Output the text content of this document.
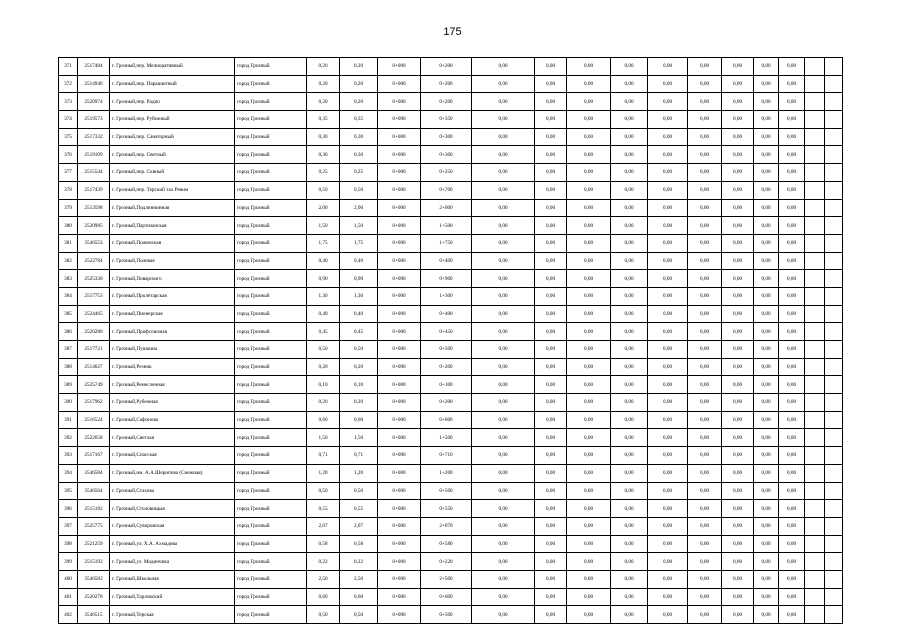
175
371	2517484	г. Грозный,пер. Мелиоративный	город Грозный	0,20	0,20	0+000	0+200	0,00	0,00	0,00	0,00	0,00	0,00	0,00	0,00	0,00		
372	2514940	г. Грозный,пер. Парашютный	город Грозный	0,20	0,20	0+000	0+200	0,00	0,00	0,00	0,00	0,00	0,00	0,00	0,00	0,00		
373	2520974	г. Грозный,пер. Радио	город Грозный	0,20	0,20	0+000	0+200	0,00	0,00	0,00	0,00	0,00	0,00	0,00	0,00	0,00		
374	2519573	г. Грозный,пер. Рубежный	город Грозный	0,35	0,35	0+000	0+350	0,00	0,00	0,00	0,00	0,00	0,00	0,00	0,00	0,00		
375	2517332	г. Грозный,пер. Санаторный	город Грозный	0,30	0,30	0+000	0+300	0,00	0,00	0,00	0,00	0,00	0,00	0,00	0,00	0,00		
376	2519109	г. Грозный,пер. Светлый	город Грозный	0,30	0,30	0+000	0+300	0,00	0,00	0,00	0,00	0,00	0,00	0,00	0,00	0,00		
377	2515544	г. Грозный,пер. Сквный	город Грозный	0,25	0,25	0+000	0+250	0,00	0,00	0,00	0,00	0,00	0,00	0,00	0,00	0,00		
378	2517439	г. Грозный,пер. Терский тах Ревим	город Грозный	0,50	0,50	0+000	0+700	0,00	0,00	0,00	0,00	0,00	0,00	0,00	0,00	0,00		
379	2513598	г. Грозный,Подлиннинная	город Грозный	2,00	2,00	0+000	2+000	0,00	0,00	0,00	0,00	0,00	0,00	0,00	0,00	0,00		
380	2520985	г. Грозный,Партизанская	город Грозный	1,50	1,50	0+000	1+500	0,00	0,00	0,00	0,00	0,00	0,00	0,00	0,00	0,00		
381	3546553	г. Грозный,Пожемская	город Грозный	1,75	1,75	0+000	1+750	0,00	0,00	0,00	0,00	0,00	0,00	0,00	0,00	0,00		
382	2522784	г. Грозный,Полевая	город Грозный	0,40	0,40	0+000	0+400	0,00	0,00	0,00	0,00	0,00	0,00	0,00	0,00	0,00		
383	2525330	г. Грозный,Поварского	город Грозный	0,90	0,90	0+000	0+900	0,00	0,00	0,00	0,00	0,00	0,00	0,00	0,00	0,00		
384	2517753	г. Грозный,Пролетарская	город Грозный	1,30	1,30	0+000	1+300	0,00	0,00	0,00	0,00	0,00	0,00	0,00	0,00	0,00		
385	2524465	г. Грозный,Пионерская	город Грозный	0,40	0,40	0+000	0+400	0,00	0,00	0,00	0,00	0,00	0,00	0,00	0,00	0,00		
386	2520280	г. Грозный,Профсоюзная	город Грозный	0,45	0,45	0+000	0+450	0,00	0,00	0,00	0,00	0,00	0,00	0,00	0,00	0,00		
387	2517721	г. Грозный,Пушкина	город Грозный	0,50	0,50	0+000	0+500	0,00	0,00	0,00	0,00	0,00	0,00	0,00	0,00	0,00		
388	2514627	г. Грозный,Резник	город Грозный	0,20	0,20	0+000	0+200	0,00	0,00	0,00	0,00	0,00	0,00	0,00	0,00	0,00		
389	2525749	г. Грозный,Ремесленная	город Грозный	0,10	0,10	0+000	0+100	0,00	0,00	0,00	0,00	0,00	0,00	0,00	0,00	0,00		
390	2517962	г. Грозный,Рубежная	город Грозный	0,20	0,20	0+000	0+200	0,00	0,00	0,00	0,00	0,00	0,00	0,00	0,00	0,00		
391	2516524	г. Грозный,Сафонова	город Грозный	0,60	0,60	0+000	0+600	0,00	0,00	0,00	0,00	0,00	0,00	0,00	0,00	0,00		
392	2522658	г. Грозный,Светлая	город Грозный	1,50	1,50	0+000	1+500	0,00	0,00	0,00	0,00	0,00	0,00	0,00	0,00	0,00		
393	2517167	г. Грозный,Спасская	город Грозный	0,71	0,71	0+000	0+710	0,00	0,00	0,00	0,00	0,00	0,00	0,00	0,00	0,00		
394	3546584	г. Грозный,им. А.А.Шерипова (Снежная)	город Грозный	1,20	1,20	0+000	1+200	0,00	0,00	0,00	0,00	0,00	0,00	0,00	0,00	0,00		
395	3546564	г. Грозный,Стахова	город Грозный	0,50	0,50	0+000	0+500	0,00	0,00	0,00	0,00	0,00	0,00	0,00	0,00	0,00		
396	2515182	г. Грозный,Столовицкая	город Грозный	0,55	0,55	0+000	0+550	0,00	0,00	0,00	0,00	0,00	0,00	0,00	0,00	0,00		
397	2525775	г. Грозный,Суворовская	город Грозный	2,07	2,07	0+000	2+070	0,00	0,00	0,00	0,00	0,00	0,00	0,00	0,00	0,00		
398	2521259	г. Грозный,ул. Х.А. Ахмадова	город Грозный	0,58	0,58	0+000	0+580	0,00	0,00	0,00	0,00	0,00	0,00	0,00	0,00	0,00		
399	2515192	г. Грозный,ул. Модинчика	город Грозный	0,22	0,22	0+000	0+220	0,00	0,00	0,00	0,00	0,00	0,00	0,00	0,00	0,00		
400	3546583	г. Грозный,Школьная	город Грозный	2,50	2,50	0+000	2+500	0,00	0,00	0,00	0,00	0,00	0,00	0,00	0,00	0,00		
401	2520278	г. Грозный,Тарловский	город Грозный	0,60	0,60	0+000	0+600	0,00	0,00	0,00	0,00	0,00	0,00	0,00	0,00	0,00		
402	3546515	г. Грозный,Терская	город Грозный	0,50	0,50	0+000	0+500	0,00	0,00	0,00	0,00	0,00	0,00	0,00	0,00	0,00		
